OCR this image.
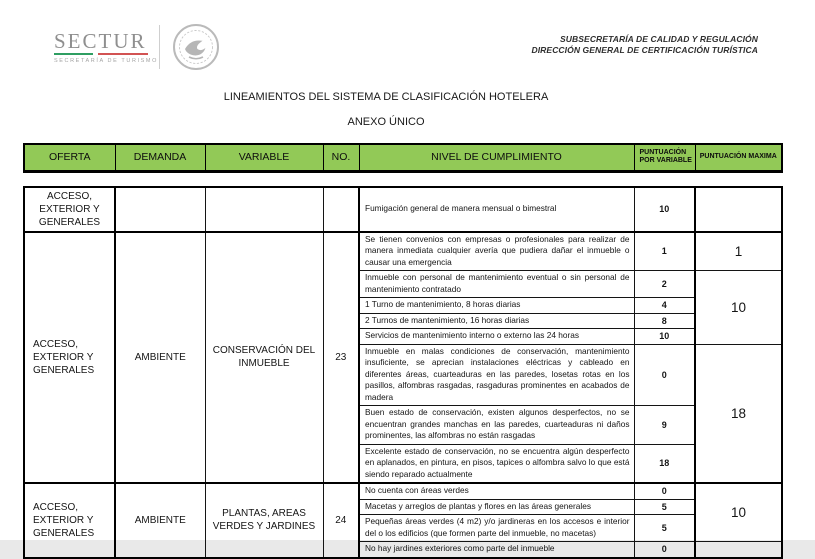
SECTUR
SECRETARÍA DE TURISMO
SUBSECRETARÍA DE CALIDAD Y REGULACIÓN
DIRECCIÓN GENERAL DE CERTIFICACIÓN TURÍSTICA
LINEAMIENTOS DEL SISTEMA DE CLASIFICACIÓN HOTELERA
ANEXO ÚNICO
OFERTA	DEMANDA	VARIABLE	NO.	NIVEL DE CUMPLIMIENTO	PUNTUACIÓN POR VARIABLE	PUNTUACIÓN MAXIMA
ACCESO, EXTERIOR Y GENERALES				Fumigación general de manera mensual o bimestral	10	
ACCESO, EXTERIOR Y GENERALES	AMBIENTE	CONSERVACIÓN DEL INMUEBLE	23	Se tienen convenios con empresas o profesionales para realizar de manera inmediata cualquier avería que pudiera dañar el inmueble o causar una emergencia	1	1
				Inmueble con personal de mantenimiento eventual o sin personal de mantenimiento contratado	2	10
				1 Turno de mantenimiento, 8 horas diarias	4	
				2 Turnos de mantenimiento, 16 horas diarias	8	
				Servicios de mantenimiento interno o externo las 24 horas	10	
				Inmueble en malas condiciones de conservación, mantenimiento insuficiente, se aprecian instalaciones eléctricas y cableado en diferentes áreas, cuarteaduras en las paredes, losetas rotas en los pasillos, alfombras rasgadas, rasgaduras prominentes en acabados de madera	0	18
				Buen estado de conservación, existen algunos desperfectos, no se encuentran grandes manchas en las paredes, cuarteaduras ni daños prominentes, las alfombras no están rasgadas	9	
				Excelente estado de conservación, no se encuentra algún desperfecto en aplanados, en pintura, en pisos, tapices o alfombra salvo lo que está siendo reparado actualmente	18	
ACCESO, EXTERIOR Y GENERALES	AMBIENTE	PLANTAS, AREAS VERDES Y JARDINES	24	No cuenta con áreas verdes	0	10
				Macetas y arreglos de plantas y flores en las áreas generales	5	
				Pequeñas áreas verdes (4 m2) y/o jardineras en los accesos e interior del o los edificios (que formen parte del inmueble, no macetas)	5	
				No hay jardines exteriores como parte del inmueble	0	
